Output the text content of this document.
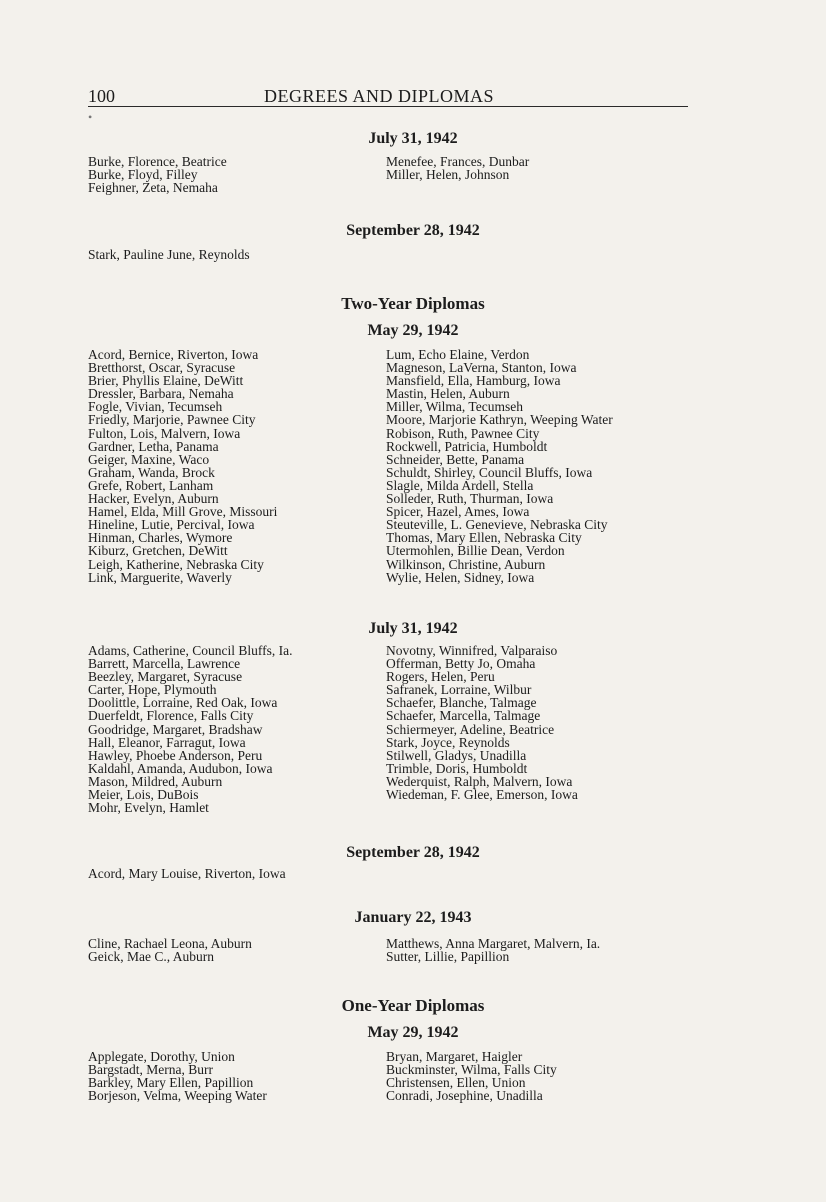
100	DEGREES AND DIPLOMAS
•
July 31, 1942
Burke, Florence, Beatrice
Burke, Floyd, Filley
Feighner, Zeta, Nemaha
Menefee, Frances, Dunbar
Miller, Helen, Johnson
September 28, 1942
Stark, Pauline June, Reynolds
Two-Year Diplomas
May 29, 1942
Acord, Bernice, Riverton, Iowa
Bretthorst, Oscar, Syracuse
Brier, Phyllis Elaine, DeWitt
Dressler, Barbara, Nemaha
Fogle, Vivian, Tecumseh
Friedly, Marjorie, Pawnee City
Fulton, Lois, Malvern, Iowa
Gardner, Letha, Panama
Geiger, Maxine, Waco
Graham, Wanda, Brock
Grefe, Robert, Lanham
Hacker, Evelyn, Auburn
Hamel, Elda, Mill Grove, Missouri
Hineline, Lutie, Percival, Iowa
Hinman, Charles, Wymore
Kiburz, Gretchen, DeWitt
Leigh, Katherine, Nebraska City
Link, Marguerite, Waverly
Lum, Echo Elaine, Verdon
Magneson, LaVerna, Stanton, Iowa
Mansfield, Ella, Hamburg, Iowa
Mastin, Helen, Auburn
Miller, Wilma, Tecumseh
Moore, Marjorie Kathryn, Weeping Water
Robison, Ruth, Pawnee City
Rockwell, Patricia, Humboldt
Schneider, Bette, Panama
Schuldt, Shirley, Council Bluffs, Iowa
Slagle, Milda Ardell, Stella
Solleder, Ruth, Thurman, Iowa
Spicer, Hazel, Ames, Iowa
Steuteville, L. Genevieve, Nebraska City
Thomas, Mary Ellen, Nebraska City
Utermohlen, Billie Dean, Verdon
Wilkinson, Christine, Auburn
Wylie, Helen, Sidney, Iowa
July 31, 1942
Adams, Catherine, Council Bluffs, Ia.
Barrett, Marcella, Lawrence
Beezley, Margaret, Syracuse
Carter, Hope, Plymouth
Doolittle, Lorraine, Red Oak, Iowa
Duerfeldt, Florence, Falls City
Goodridge, Margaret, Bradshaw
Hall, Eleanor, Farragut, Iowa
Hawley, Phoebe Anderson, Peru
Kaldahl, Amanda, Audubon, Iowa
Mason, Mildred, Auburn
Meier, Lois, DuBois
Mohr, Evelyn, Hamlet
Novotny, Winnifred, Valparaiso
Offerman, Betty Jo, Omaha
Rogers, Helen, Peru
Safranek, Lorraine, Wilbur
Schaefer, Blanche, Talmage
Schaefer, Marcella, Talmage
Schiermeyer, Adeline, Beatrice
Stark, Joyce, Reynolds
Stilwell, Gladys, Unadilla
Trimble, Doris, Humboldt
Wederquist, Ralph, Malvern, Iowa
Wiedeman, F. Glee, Emerson, Iowa
September 28, 1942
Acord, Mary Louise, Riverton, Iowa
January 22, 1943
Cline, Rachael Leona, Auburn
Geick, Mae C., Auburn
Matthews, Anna Margaret, Malvern, Ia.
Sutter, Lillie, Papillion
One-Year Diplomas
May 29, 1942
Applegate, Dorothy, Union
Bargstadt, Merna, Burr
Barkley, Mary Ellen, Papillion
Borjeson, Velma, Weeping Water
Bryan, Margaret, Haigler
Buckminster, Wilma, Falls City
Christensen, Ellen, Union
Conradi, Josephine, Unadilla
